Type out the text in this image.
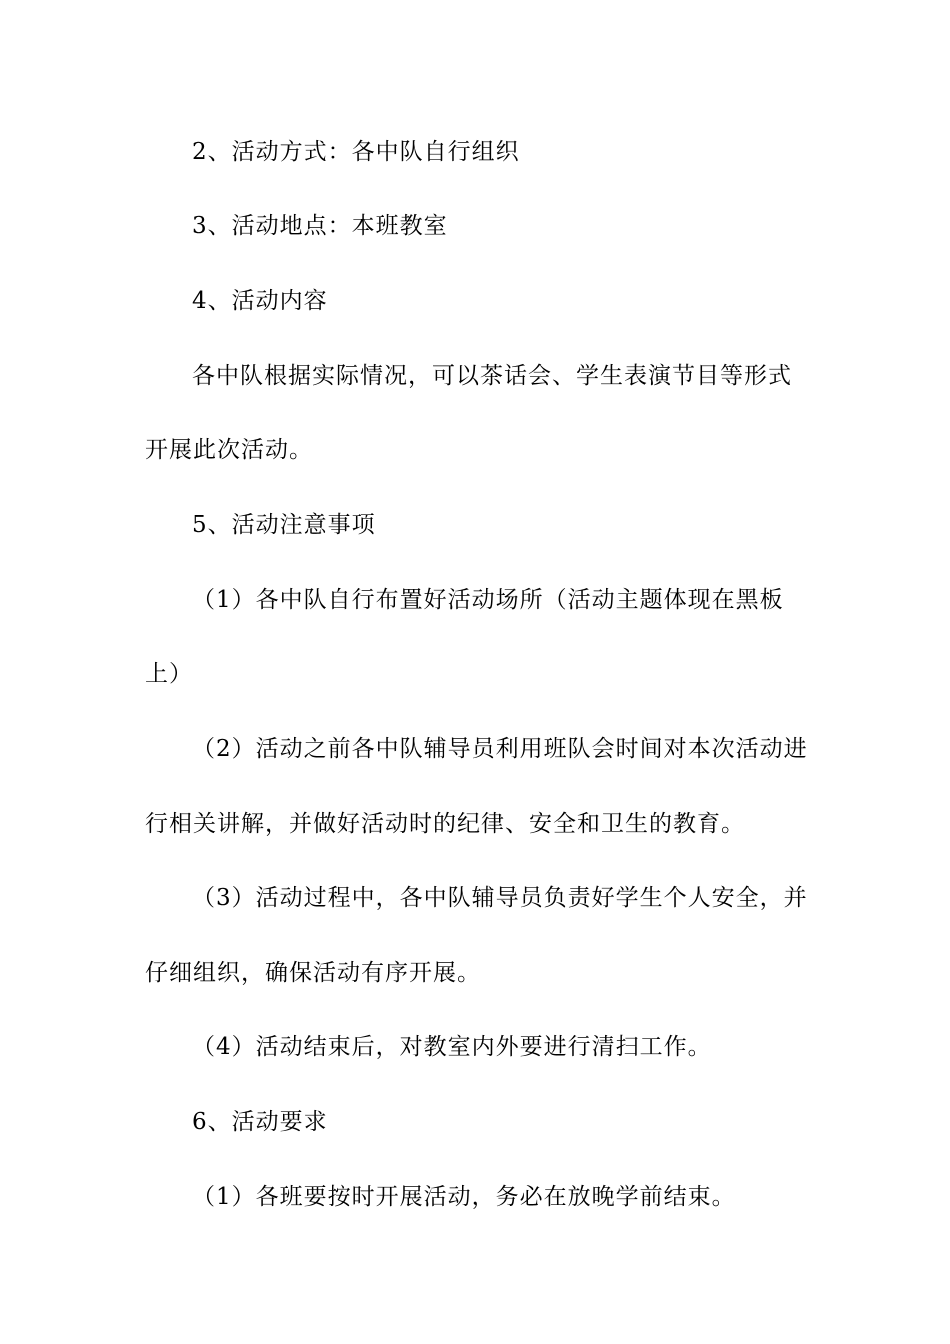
2、活动方式：各中队自行组织
3、活动地点：本班教室
4、活动内容
各中队根据实际情况，可以茶话会、学生表演节目等形式
开展此次活动。
5、活动注意事项
（1）各中队自行布置好活动场所（活动主题体现在黑板
上）
（2）活动之前各中队辅导员利用班队会时间对本次活动进
行相关讲解，并做好活动时的纪律、安全和卫生的教育。
（3）活动过程中，各中队辅导员负责好学生个人安全，并
仔细组织，确保活动有序开展。
（4）活动结束后，对教室内外要进行清扫工作。
6、活动要求
（1）各班要按时开展活动，务必在放晚学前结束。
